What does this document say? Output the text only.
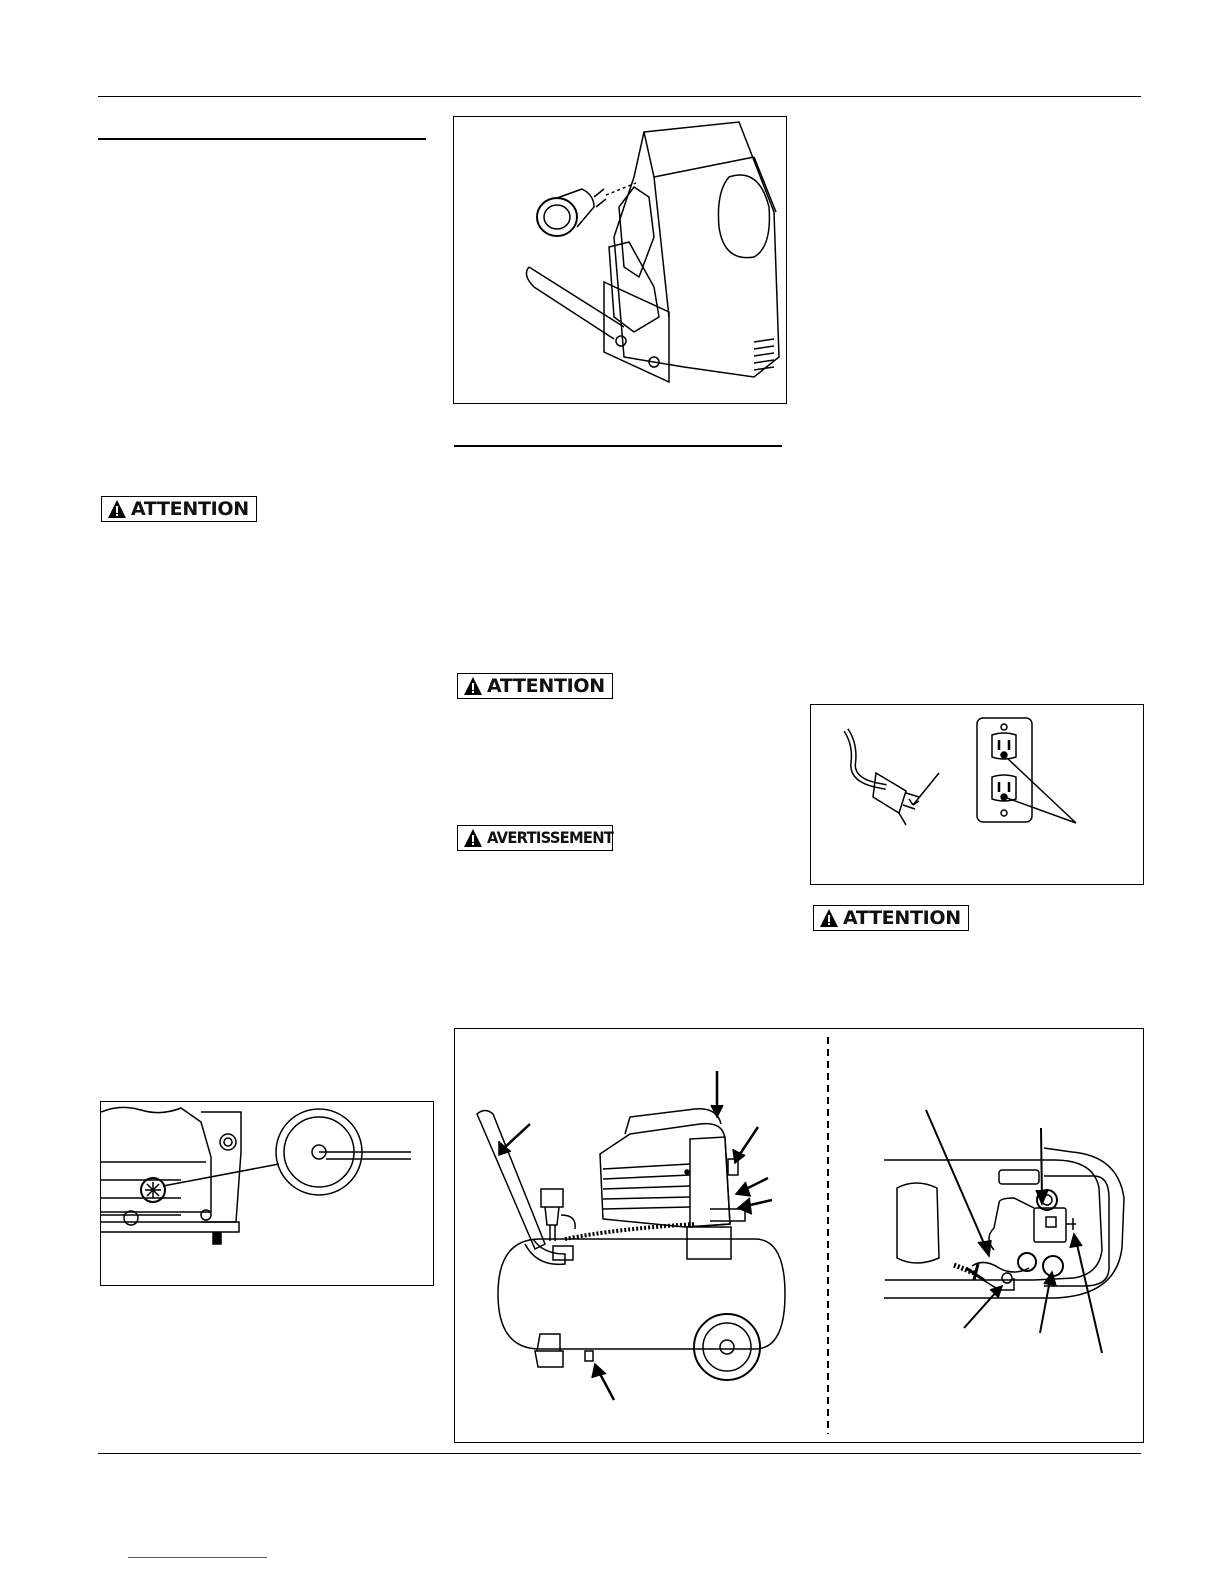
ATTENTION
ATTENTION
AVERTISSEMENT
ATTENTION
